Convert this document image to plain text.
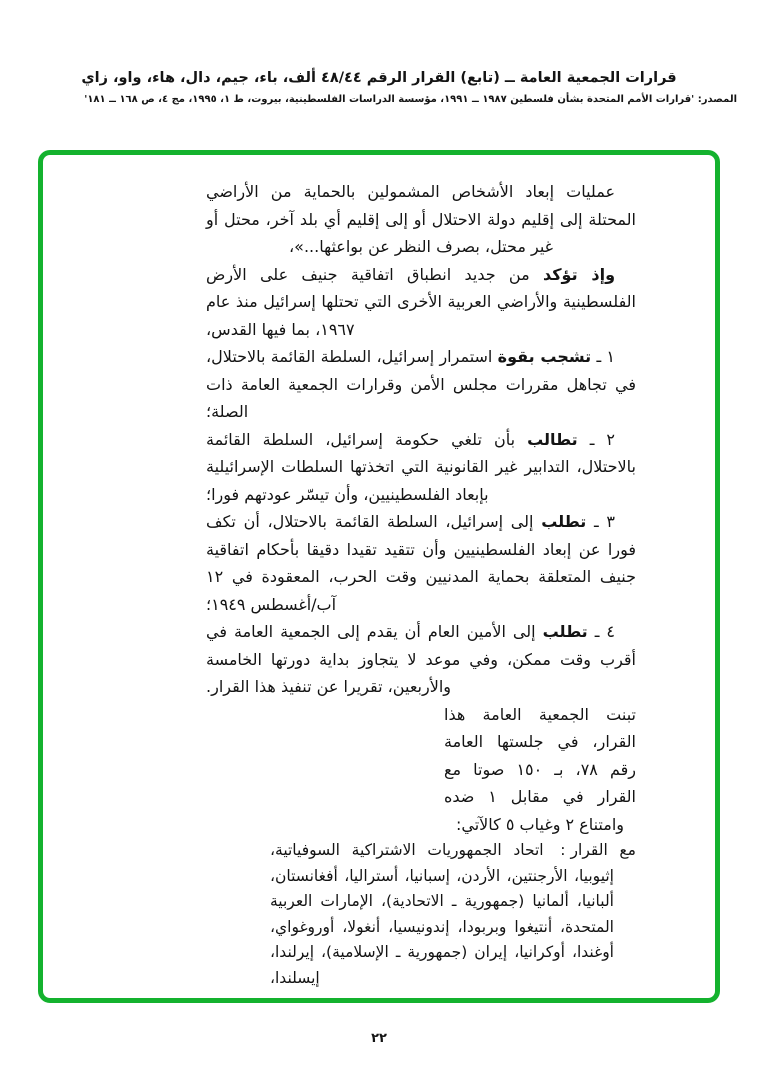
قرارات الجمعية العامة ــ (تابع) القرار الرقم ٤٨/٤٤ ألف، باء، جيم، دال، هاء، واو، زاي
المصدر: 'قرارات الأمم المتحدة بشأن فلسطين ١٩٨٧ ــ ١٩٩١، مؤسسة الدراسات الفلسطينية، بيروت، ط ١، ١٩٩٥، مج ٤، ص ١٦٨ ــ ١٨١'

عمليات إبعاد الأشخاص المشمولين بالحماية من الأراضي المحتلة إلى إقليم دولة الاحتلال أو إلى إقليم أي بلد آخر، محتل أو غير محتل، بصرف النظر عن بواعثها...»،

وإذ تؤكد من جديد انطباق اتفاقية جنيف على الأرض الفلسطينية والأراضي العربية الأخرى التي تحتلها إسرائيل منذ عام ١٩٦٧، بما فيها القدس،

١ ـ تشجب بقوة استمرار إسرائيل، السلطة القائمة بالاحتلال، في تجاهل مقررات مجلس الأمن وقرارات الجمعية العامة ذات الصلة؛

٢ ـ تطالب بأن تلغي حكومة إسرائيل، السلطة القائمة بالاحتلال، التدابير غير القانونية التي اتخذتها السلطات الإسرائيلية بإبعاد الفلسطينيين، وأن تيسّر عودتهم فورا؛

٣ ـ تطلب إلى إسرائيل، السلطة القائمة بالاحتلال، أن تكف فورا عن إبعاد الفلسطينيين وأن تتقيد تقيدا دقيقا بأحكام اتفاقية جنيف المتعلقة بحماية المدنيين وقت الحرب، المعقودة في ١٢ آب/أغسطس ١٩٤٩؛

٤ ـ تطلب إلى الأمين العام أن يقدم إلى الجمعية العامة في أقرب وقت ممكن، وفي موعد لا يتجاوز بداية دورتها الخامسة والأربعين، تقريرا عن تنفيذ هذا القرار.

تبنت الجمعية العامة هذا القرار، في جلستها العامة رقم ٧٨، بـ ١٥٠ صوتا مع القرار في مقابل ١ ضده وامتناع ٢ وغياب ٥ كالآتي:

مع القرار: اتحاد الجمهوريات الاشتراكية السوفياتية، إثيوبيا، الأرجنتين، الأردن، إسبانيا، أستراليا، أفغانستان، ألبانيا، ألمانيا (جمهورية ـ الاتحادية)، الإمارات العربية المتحدة، أنتيغوا وبربودا، إندونيسيا، أنغولا، أوروغواي، أوغندا، أوكرانيا، إيران (جمهورية ـ الإسلامية)، إيرلندا، إيسلندا،

٢٢
